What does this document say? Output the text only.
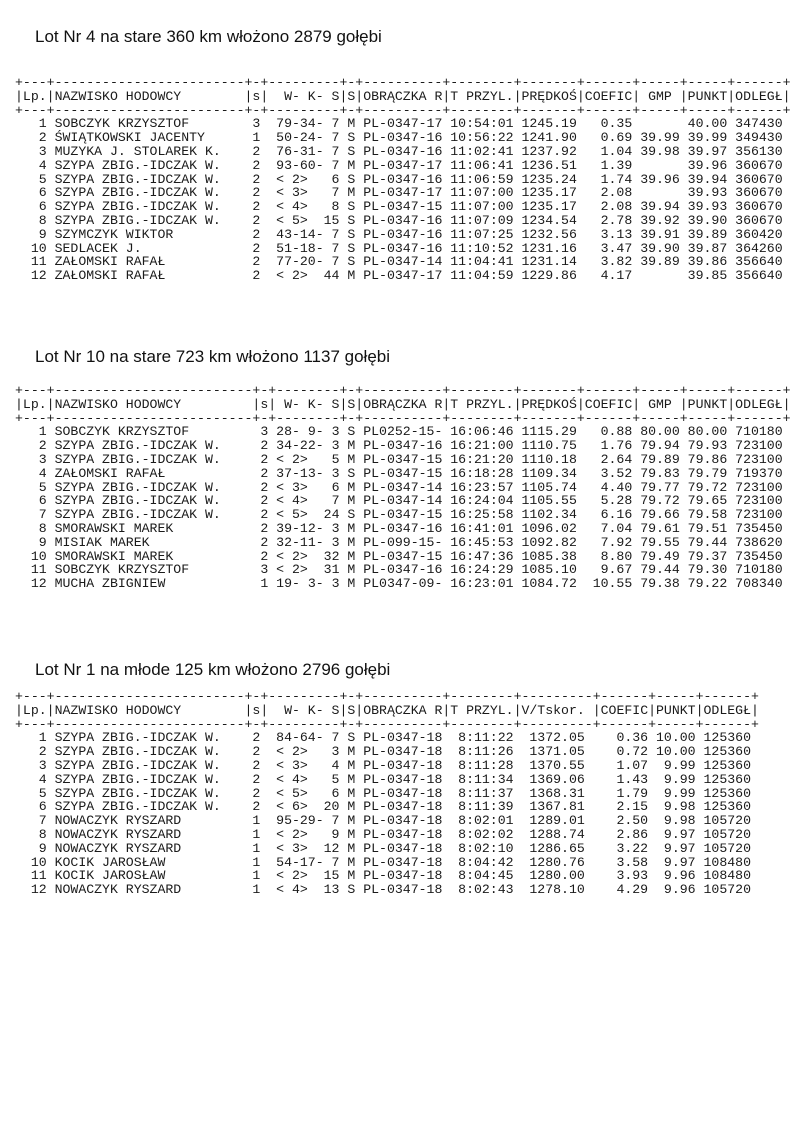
Lot Nr 4 na stare 360 km włożono 2879 gołębi
+---+------------------------+-+---------+-+----------+--------+-------+------+-----+-----+------+
|Lp.|NAZWISKO HODOWCY	|s| W- K- S|S|OBRĄCZKA R|T PRZYL.|PRĘDKOŚ|COEFIC| GMP |PUNKT|ODLEGŁ|
+---+------------------------+-+---------+-+----------+--------+-------+------+-----+-----+------+
1 SOBCZYK KRZYSZTOF	3 79-34- 7 M PL-0347-17 10:54:01 1245.19 0.35	40.00 347430
2 ŚWIĄTKOWSKI JACENTY	1 50-24- 7 S PL-0347-16 10:56:22 1241.90 0.69 39.99 39.99 349430
3 MUZYKA J. STOLAREK K. 2 76-31- 7 S PL-0347-16 11:02:41 1237.92 1.04 39.98 39.97 356130
4 SZYPA ZBIG.-IDCZAK W. 2 93-60- 7 M PL-0347-17 11:06:41 1236.51 1.39	39.96 360670
5 SZYPA ZBIG.-IDCZAK W. 2 < 2>   6 S PL-0347-16 11:06:59 1235.24 1.74 39.96 39.94 360670
6 SZYPA ZBIG.-IDCZAK W. 2 < 3>   7 M PL-0347-17 11:07:00 1235.17 2.08	39.93 360670
6 SZYPA ZBIG.-IDCZAK W. 2 < 4>   8 S PL-0347-15 11:07:00 1235.17 2.08 39.94 39.93 360670
8 SZYPA ZBIG.-IDCZAK W. 2 < 5>  15 S PL-0347-16 11:07:09 1234.54 2.78 39.92 39.90 360670
9 SZYMCZYK WIKTOR	2 43-14- 7 S PL-0347-16 11:07:25 1232.56 3.13 39.91 39.89 360420
10 SEDLACEK J.	2 51-18- 7 S PL-0347-16 11:10:52 1231.16 3.47 39.90 39.87 364260
11 ZAŁOMSKI RAFAŁ	2 77-20- 7 S PL-0347-14 11:04:41 1231.14 3.82 39.89 39.86 356640
12 ZAŁOMSKI RAFAŁ	2 < 2>  44 M PL-0347-17 11:04:59 1229.86 4.17	39.85 356640
Lot Nr 10 na stare 723 km włożono 1137 gołębi
+---+-------------------------+-+--------+-+----------+--------+-------+------+-----+-----+------+
|Lp.|NAZWISKO HODOWCY	|s| W- K- S|S|OBRĄCZKA R|T PRZYL.|PRĘDKOŚ|COEFIC| GMP |PUNKT|ODLEGŁ|
+---+-------------------------+-+--------+-+----------+--------+-------+------+-----+-----+------+
1 SOBCZYK KRZYSZTOF	3 28- 9- 3 S PL0252-15- 16:06:46 1115.29 0.88 80.00 80.00 710180
2 SZYPA ZBIG.-IDCZAK W.	2 34-22- 3 M PL-0347-16 16:21:00 1110.75 1.76 79.94 79.93 723100
3 SZYPA ZBIG.-IDCZAK W.	2 < 2>   5 M PL-0347-15 16:21:20 1110.18 2.64 79.89 79.86 723100
4 ZAŁOMSKI RAFAŁ	2 37-13- 3 S PL-0347-15 16:18:28 1109.34 3.52 79.83 79.79 719370
5 SZYPA ZBIG.-IDCZAK W.	2 < 3>   6 M PL-0347-14 16:23:57 1105.74 4.40 79.77 79.72 723100
6 SZYPA ZBIG.-IDCZAK W.	2 < 4>   7 M PL-0347-14 16:24:04 1105.55 5.28 79.72 79.65 723100
7 SZYPA ZBIG.-IDCZAK W.	2 < 5>  24 S PL-0347-15 16:25:58 1102.34 6.16 79.66 79.58 723100
8 SMORAWSKI MAREK	2 39-12- 3 M PL-0347-16 16:41:01 1096.02 7.04 79.61 79.51 735450
9 MISIAK MAREK	2 32-11- 3 M PL-099-15- 16:45:53 1092.82 7.92 79.55 79.44 738620
10 SMORAWSKI MAREK	2 < 2>  32 M PL-0347-15 16:47:36 1085.38 8.80 79.49 79.37 735450
11 SOBCZYK KRZYSZTOF	3 < 2>  31 M PL-0347-16 16:24:29 1085.10 9.67 79.44 79.30 710180
12 MUCHA ZBIGNIEW	1 19- 3- 3 M PL0347-09- 16:23:01 1084.72 10.55 79.38 79.22 708340
Lot Nr 1 na młode 125 km włożono 2796 gołębi
+---+------------------------+-+---------+-+----------+--------+---------+------+-----+------+
|Lp.|NAZWISKO HODOWCY	|s| W- K- S|S|OBRĄCZKA R|T PRZYL.|V/Tskor. |COEFIC|PUNKT|ODLEGŁ|
+---+------------------------+-+---------+-+----------+--------+---------+------+-----+------+
1 SZYPA ZBIG.-IDCZAK W. 2 84-64- 7 S PL-0347-18 8:11:22 1372.05 0.36 10.00 125360
2 SZYPA ZBIG.-IDCZAK W. 2 < 2>   3 M PL-0347-18 8:11:26 1371.05 0.72 10.00 125360
3 SZYPA ZBIG.-IDCZAK W. 2 < 3>   4 M PL-0347-18 8:11:28 1370.55 1.07 9.99 125360
4 SZYPA ZBIG.-IDCZAK W. 2 < 4>   5 M PL-0347-18 8:11:34 1369.06 1.43 9.99 125360
5 SZYPA ZBIG.-IDCZAK W. 2 < 5>   6 M PL-0347-18 8:11:37 1368.31 1.79 9.99 125360
6 SZYPA ZBIG.-IDCZAK W. 2 < 6>  20 M PL-0347-18 8:11:39 1367.81 2.15 9.98 125360
7 NOWACZYK RYSZARD	1 95-29- 7 M PL-0347-18 8:02:01 1289.01 2.50 9.98 105720
8 NOWACZYK RYSZARD	1 < 2>   9 M PL-0347-18 8:02:02 1288.74 2.86 9.97 105720
9 NOWACZYK RYSZARD	1 < 3>  12 M PL-0347-18 8:02:10 1286.65 3.22 9.97 105720
10 KOCIK JAROSŁAW	1 54-17- 7 M PL-0347-18 8:04:42 1280.76 3.58 9.97 108480
11 KOCIK JAROSŁAW	1 < 2>  15 M PL-0347-18 8:04:45 1280.00 3.93 9.96 108480
12 NOWACZYK RYSZARD	1 < 4>  13 S PL-0347-18 8:02:43 1278.10 4.29 9.96 105720
